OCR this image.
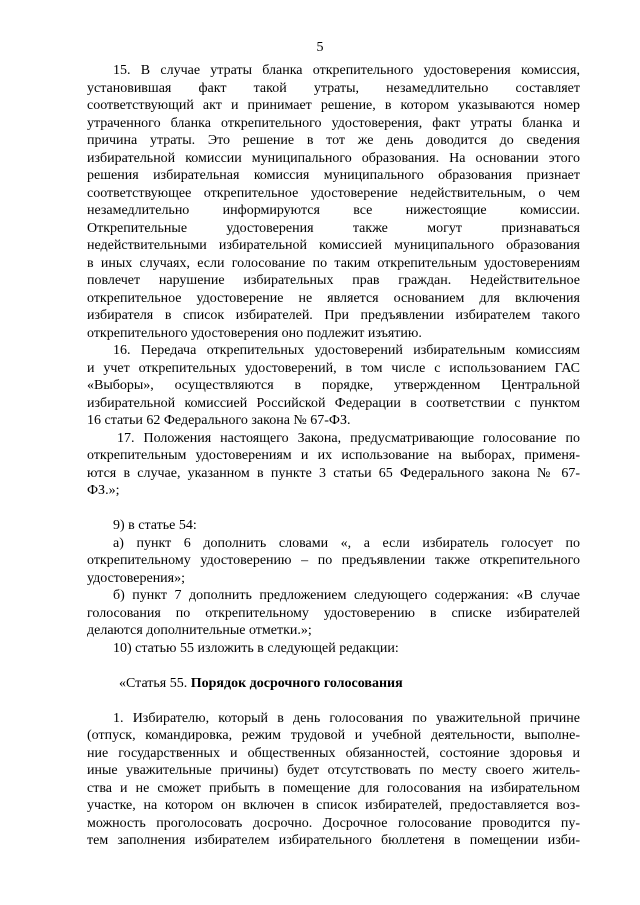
5
15. В случае утраты бланка открепительного удостоверения комиссия,
установившая факт такой утраты, незамедлительно составляет
соответствующий акт и принимает решение, в котором указываются номер
утраченного бланка открепительного удостоверения, факт утраты бланка и
причина утраты. Это решение в тот же день доводится до сведения
избирательной комиссии муниципального образования. На основании этого
решения избирательная комиссия муниципального образования признает
соответствующее открепительное удостоверение недействительным, о чем
незамедлительно информируются все нижестоящие комиссии.
Открепительные удостоверения также могут признаваться
недействительными избирательной комиссией муниципального образования
в иных случаях, если голосование по таким открепительным удостоверениям
повлечет нарушение избирательных прав граждан. Недействительное
открепительное удостоверение не является основанием для включения
избирателя в список избирателей. При предъявлении избирателем такого
открепительного удостоверения оно подлежит изъятию.
16. Передача открепительных удостоверений избирательным комиссиям
и учет открепительных удостоверений, в том числе с использованием ГАС
«Выборы», осуществляются в порядке, утвержденном Центральной
избирательной комиссией Российской Федерации в соответствии с пунктом
16 статьи 62 Федерального закона № 67-ФЗ.
17. Положения настоящего Закона, предусматривающие голосование по
открепительным удостоверениям и их использование на выборах, применя-
ются в случае, указанном в пункте 3 статьи 65 Федерального закона № 67-
ФЗ.»;
9) в статье 54:
а) пункт 6 дополнить словами «, а если избиратель голосует по
открепительному удостоверению – по предъявлении также открепительного
удостоверения»;
б) пункт 7 дополнить предложением следующего содержания: «В случае
голосования по открепительному удостоверению в списке избирателей
делаются дополнительные отметки.»;
10) статью 55 изложить в следующей редакции:
«Статья 55. Порядок досрочного голосования
1. Избирателю, который в день голосования по уважительной причине
(отпуск, командировка, режим трудовой и учебной деятельности, выполне-
ние государственных и общественных обязанностей, состояние здоровья и
иные уважительные причины) будет отсутствовать по месту своего житель-
ства и не сможет прибыть в помещение для голосования на избирательном
участке, на котором он включен в список избирателей, предоставляется воз-
можность проголосовать досрочно. Досрочное голосование проводится пу-
тем заполнения избирателем избирательного бюллетеня в помещении изби-
